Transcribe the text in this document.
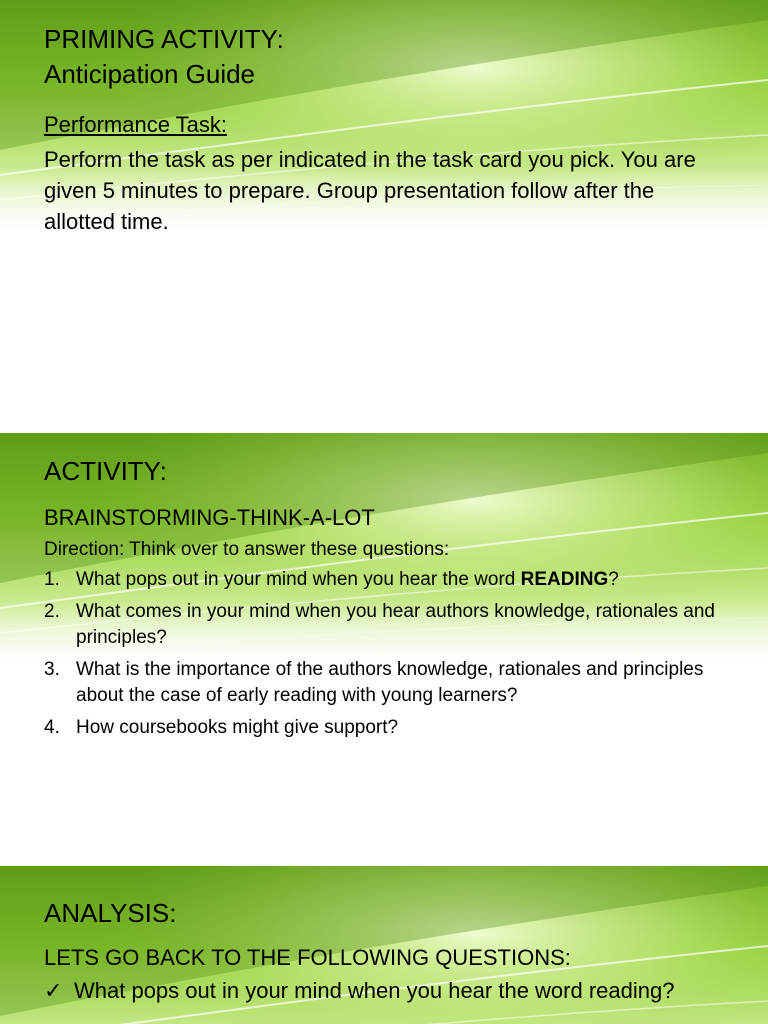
PRIMING ACTIVITY:
Anticipation Guide

Performance Task:

Perform the task as per indicated in the task card you pick. You are given 5 minutes to prepare. Group presentation follow after the allotted time.

ACTIVITY:

BRAINSTORMING-THINK-A-LOT

Direction: Think over to answer these questions:

1. What pops out in your mind when you hear the word READING?
2. What comes in your mind when you hear authors knowledge, rationales and principles?
3. What is the importance of the authors knowledge, rationales and principles about the case of early reading with young learners?
4. How coursebooks might give support?
ANALYSIS:

LETS GO BACK TO THE FOLLOWING QUESTIONS:

✓ What pops out in your mind when you hear the word reading?
